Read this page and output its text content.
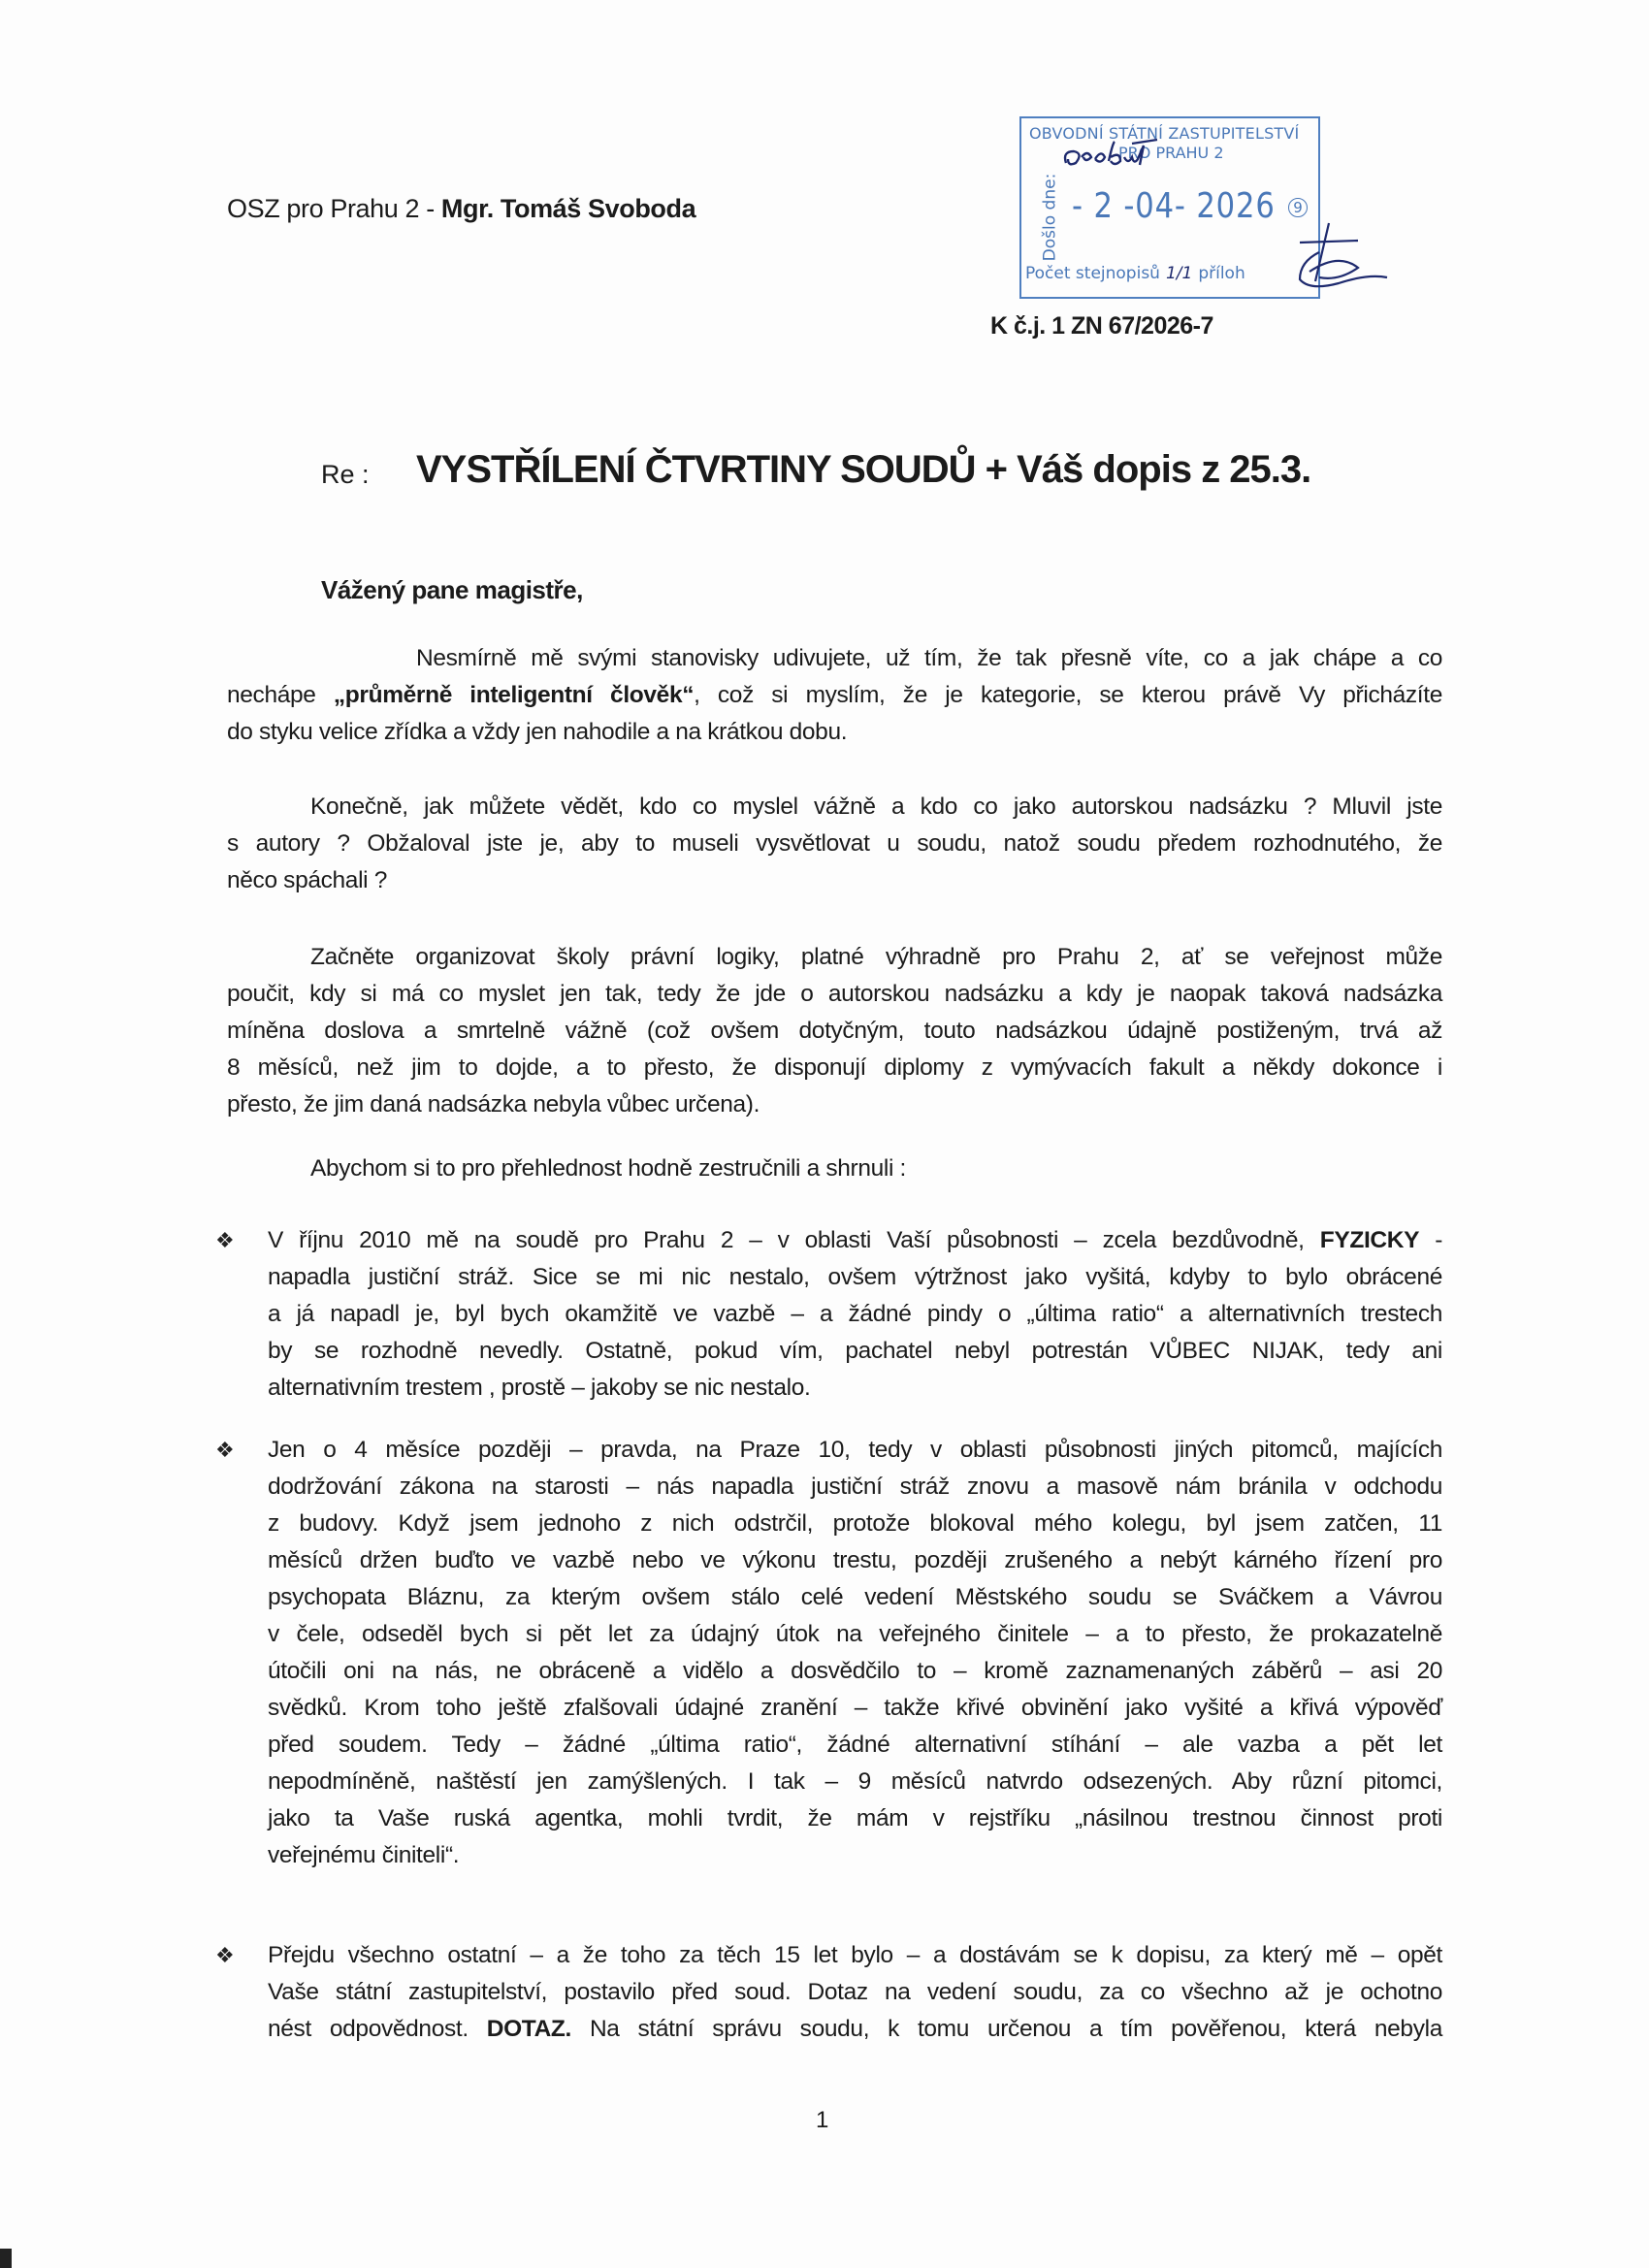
OSZ pro Prahu 2 - Mgr. Tomáš Svoboda
OBVODNÍ STÁTNÍ ZASTUPITELSTVÍ
PRO PRAHU 2
Došlo dne: - 2 -04- 2026	9
Počet stejnopisů 1/1 příloh
K č.j. 1 ZN 67/2026-7
Re : VYSTŘÍLENÍ ČTVRTINY SOUDŮ + Váš dopis z 25.3.
Vážený pane magistře,
Nesmírně mě svými stanovisky udivujete, už tím, že tak přesně víte, co a jak chápe a co
nechápe „průměrně inteligentní člověk“, což si myslím, že je kategorie, se kterou právě Vy přicházíte
do styku velice zřídka a vždy jen nahodile a na krátkou dobu.
Konečně, jak můžete vědět, kdo co myslel vážně a kdo co jako autorskou nadsázku ? Mluvil jste
s autory ? Obžaloval jste je, aby to museli vysvětlovat u soudu, natož soudu předem rozhodnutého, že
něco spáchali ?
Začněte organizovat školy právní logiky, platné výhradně pro Prahu 2, ať se veřejnost může
poučit, kdy si má co myslet jen tak, tedy že jde o autorskou nadsázku a kdy je naopak taková nadsázka
míněna doslova a smrtelně vážně (což ovšem dotyčným, touto nadsázkou údajně postiženým, trvá až
8 měsíců, než jim to dojde, a to přesto, že disponují diplomy z vymývacích fakult a někdy dokonce i
přesto, že jim daná nadsázka nebyla vůbec určena).
Abychom si to pro přehlednost hodně zestručnili a shrnuli :
❖ V říjnu 2010 mě na soudě pro Prahu 2 – v oblasti Vaší působnosti – zcela bezdůvodně, FYZICKY -
napadla justiční stráž. Sice se mi nic nestalo, ovšem výtržnost jako vyšitá, kdyby to bylo obrácené
a já napadl je, byl bych okamžitě ve vazbě – a žádné pindy o „última ratio“ a alternativních trestech
by se rozhodně nevedly. Ostatně, pokud vím, pachatel nebyl potrestán VŮBEC NIJAK, tedy ani
alternativním trestem , prostě – jakoby se nic nestalo.
❖ Jen o 4 měsíce později – pravda, na Praze 10, tedy v oblasti působnosti jiných pitomců, majících
dodržování zákona na starosti – nás napadla justiční stráž znovu a masově nám bránila v odchodu
z budovy. Když jsem jednoho z nich odstrčil, protože blokoval mého kolegu, byl jsem zatčen, 11
měsíců držen buďto ve vazbě nebo ve výkonu trestu, později zrušeného a nebýt kárného řízení pro
psychopata Bláznu, za kterým ovšem stálo celé vedení Městského soudu se Sváčkem a Vávrou
v čele, odseděl bych si pět let za údajný útok na veřejného činitele – a to přesto, že prokazatelně
útočili oni na nás, ne obráceně a vidělo a dosvědčilo to – kromě zaznamenaných záběrů – asi 20
svědků. Krom toho ještě zfalšovali údajné zranění – takže křivé obvinění jako vyšité a křivá výpověď
před soudem. Tedy – žádné „última ratio“, žádné alternativní stíhání – ale vazba a pět let
nepodmíněně, naštěstí jen zamýšlených. I tak – 9 měsíců natvrdo odsezených. Aby různí pitomci,
jako ta Vaše ruská agentka, mohli tvrdit, že mám v rejstříku „násilnou trestnou činnost proti
veřejnému činiteli“.
❖ Přejdu všechno ostatní – a že toho za těch 15 let bylo – a dostávám se k dopisu, za který mě – opět
Vaše státní zastupitelství, postavilo před soud. Dotaz na vedení soudu, za co všechno až je ochotno
nést odpovědnost. DOTAZ. Na státní správu soudu, k tomu určenou a tím pověřenou, která nebyla
1
